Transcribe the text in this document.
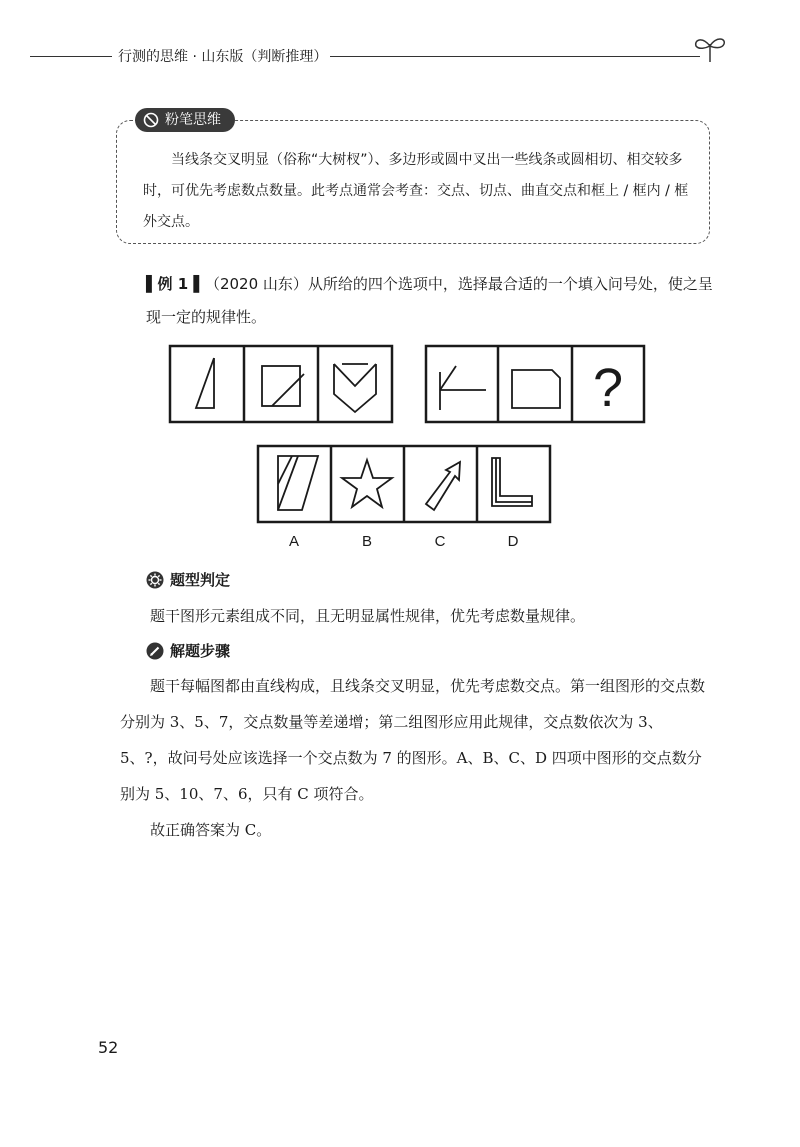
行测的思维 · 山东版（判断推理）
粉笔思维
当线条交叉明显（俗称“大树杈”）、多边形或圆中叉出一些线条或圆相切、相交较多时，可优先考虑数点数量。此考点通常会考查：交点、切点、曲直交点和框上 / 框内 / 框外交点。
▌例 1 ▌（2020 山东）从所给的四个选项中，选择最合适的一个填入问号处，使之呈现一定的规律性。
?
A	B	C	D
题型判定
题干图形元素组成不同，且无明显属性规律，优先考虑数量规律。
解题步骤
题干每幅图都由直线构成，且线条交叉明显，优先考虑数交点。第一组图形的交点数分别为 3、5、7，交点数量等差递增；第二组图形应用此规律，交点数依次为 3、5、?，故问号处应该选择一个交点数为 7 的图形。A、B、C、D 四项中图形的交点数分别为 5、10、7、6，只有 C 项符合。
故正确答案为 C。
52
